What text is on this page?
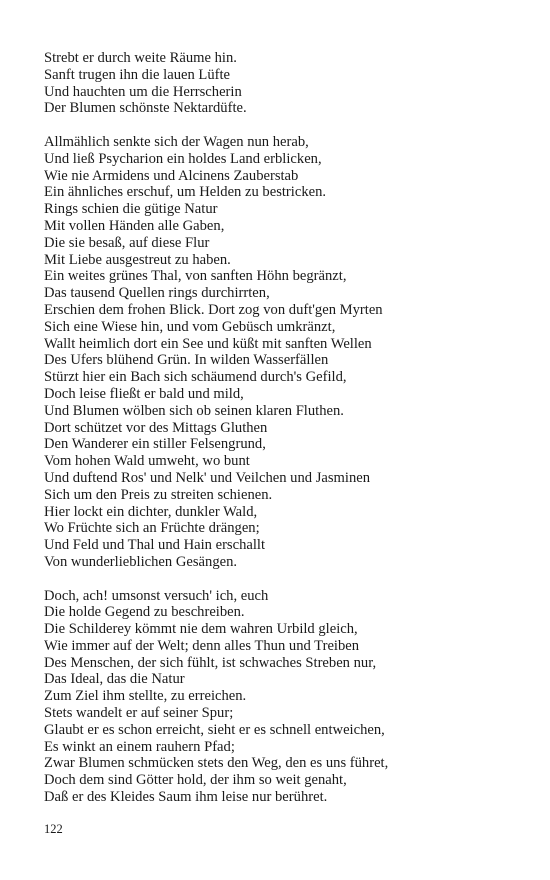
Strebt er durch weite Räume hin.
Sanft trugen ihn die lauen Lüfte
Und hauchten um die Herrscherin
Der Blumen schönste Nektardüfte.
Allmählich senkte sich der Wagen nun herab,
Und ließ Psycharion ein holdes Land erblicken,
Wie nie Armidens und Alcinens Zauberstab
Ein ähnliches erschuf, um Helden zu bestricken.
Rings schien die gütige Natur
Mit vollen Händen alle Gaben,
Die sie besaß, auf diese Flur
Mit Liebe ausgestreut zu haben.
Ein weites grünes Thal, von sanften Höhn begränzt,
Das tausend Quellen rings durchirrten,
Erschien dem frohen Blick. Dort zog von duft'gen Myrten
Sich eine Wiese hin, und vom Gebüsch umkränzt,
Wallt heimlich dort ein See und küßt mit sanften Wellen
Des Ufers blühend Grün. In wilden Wasserfällen
Stürzt hier ein Bach sich schäumend durch's Gefild,
Doch leise fließt er bald und mild,
Und Blumen wölben sich ob seinen klaren Fluthen.
Dort schützet vor des Mittags Gluthen
Den Wanderer ein stiller Felsengrund,
Vom hohen Wald umweht, wo bunt
Und duftend Ros' und Nelk' und Veilchen und Jasminen
Sich um den Preis zu streiten schienen.
Hier lockt ein dichter, dunkler Wald,
Wo Früchte sich an Früchte drängen;
Und Feld und Thal und Hain erschallt
Von wunderlieblichen Gesängen.
Doch, ach! umsonst versuch' ich, euch
Die holde Gegend zu beschreiben.
Die Schilderey kömmt nie dem wahren Urbild gleich,
Wie immer auf der Welt; denn alles Thun und Treiben
Des Menschen, der sich fühlt, ist schwaches Streben nur,
Das Ideal, das die Natur
Zum Ziel ihm stellte, zu erreichen.
Stets wandelt er auf seiner Spur;
Glaubt er es schon erreicht, sieht er es schnell entweichen,
Es winkt an einem rauhern Pfad;
Zwar Blumen schmücken stets den Weg, den es uns führet,
Doch dem sind Götter hold, der ihm so weit genaht,
Daß er des Kleides Saum ihm leise nur berühret.
122
